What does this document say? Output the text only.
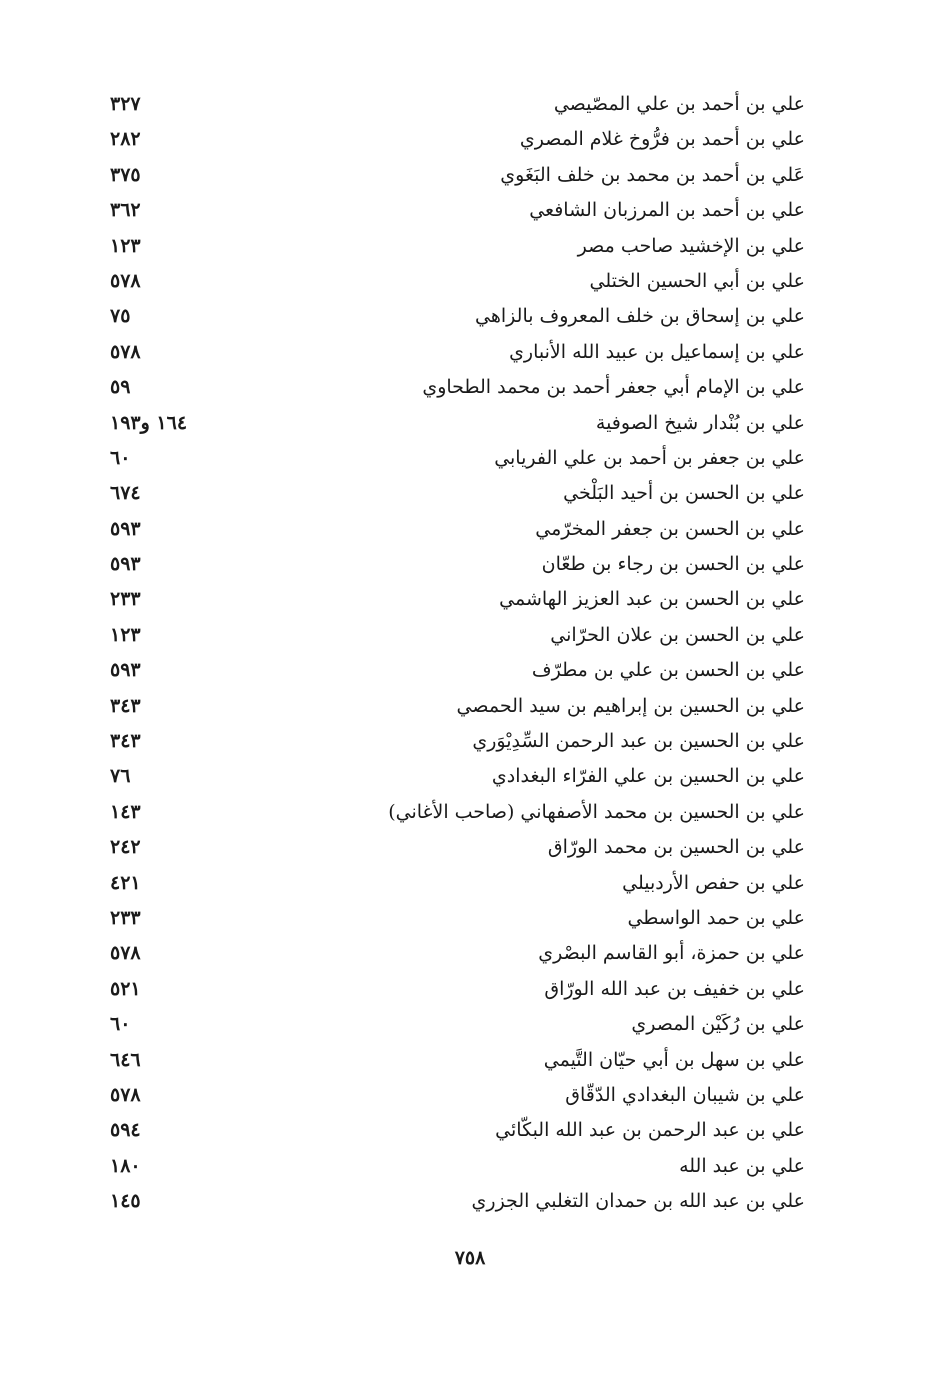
علي بن أحمد بن علي المصّيصي
٣٢٧
علي بن أحمد بن فرُّوخ غلام المصري
٢٨٢
عَلي بن أحمد بن محمد بن خلف البَغَوي
٣٧٥
علي بن أحمد بن المرزبان الشافعي
٣٦٢
علي بن الإخشيد صاحب مصر
١٢٣
علي بن أبي الحسين الختلي
٥٧٨
علي بن إسحاق بن خلف المعروف بالزاهي
٧٥
علي بن إسماعيل بن عبيد الله الأنباري
٥٧٨
علي بن الإمام أبي جعفر أحمد بن محمد الطحاوي
٥٩
علي بن بُنْدار شيخ الصوفية
١٦٤ و١٩٣
علي بن جعفر بن أحمد بن علي الفريابي
٦٠
علي بن الحسن بن أحيد البَلْخي
٦٧٤
علي بن الحسن بن جعفر المخرّمي
٥٩٣
علي بن الحسن بن رجاء بن طعّان
٥٩٣
علي بن الحسن بن عبد العزيز الهاشمي
٢٣٣
علي بن الحسن بن علان الحرّاني
١٢٣
علي بن الحسن بن علي بن مطرّف
٥٩٣
علي بن الحسين بن إبراهيم بن سيد الحمصي
٣٤٣
علي بن الحسين بن عبد الرحمن السِّدِيْوَري
٣٤٣
علي بن الحسين بن علي الفرّاء البغدادي
٧٦
علي بن الحسين بن محمد الأصفهاني (صاحب الأغاني)
١٤٣
علي بن الحسين بن محمد الورّاق
٢٤٢
علي بن حفص الأردبيلي
٤٢١
علي بن حمد الواسطي
٢٣٣
علي بن حمزة، أبو القاسم البصْري
٥٧٨
علي بن خفيف بن عبد الله الورّاق
٥٢١
علي بن رُكَيْن المصري
٦٠
علي بن سهل بن أبي حيّان التَّيمي
٦٤٦
علي بن شيبان البغدادي الدّقّاق
٥٧٨
علي بن عبد الرحمن بن عبد الله البكّائي
٥٩٤
علي بن عبد الله
١٨٠
علي بن عبد الله بن حمدان التغلبي الجزري
١٤٥
٧٥٨
